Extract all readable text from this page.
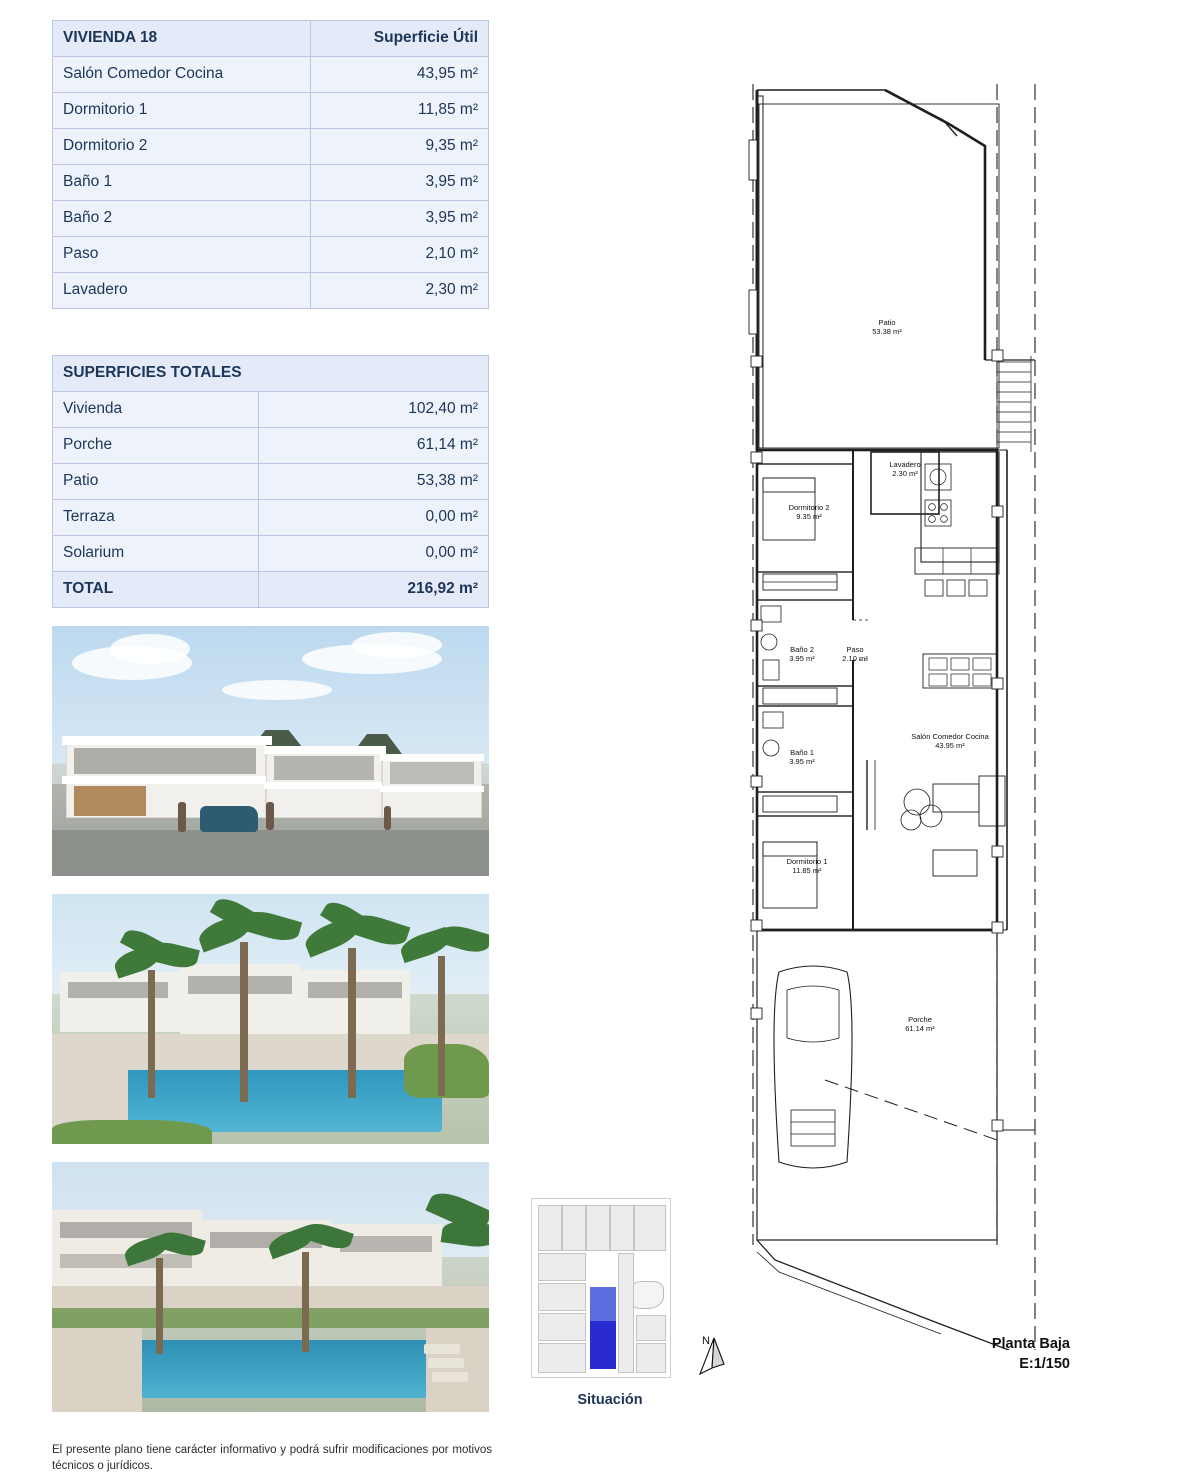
VIVIENDA 18	Superficie Útil
Salón Comedor Cocina	43,95 m²
Dormitorio 1	11,85 m²
Dormitorio 2	9,35 m²
Baño 1	3,95 m²
Baño 2	3,95 m²
Paso	2,10 m²
Lavadero	2,30 m²
SUPERFICIES TOTALES	
Vivienda	102,40 m²
Porche	61,14 m²
Patio	53,38 m²
Terraza	0,00 m²
Solarium	0,00 m²
TOTAL	216,92 m²
El presente plano tiene carácter informativo y podrá sufrir modificaciones por motivos técnicos o jurídicos.
Situación
N
Patio
53.38 m²
Lavadero
2.30 m²
Dormitorio 2
9.35 m²
Baño 2
3.95 m²
Paso
2.10 m²
Baño 1
3.95 m²
Dormitorio 1
11.85 m²
Salón Comedor Cocina
43.95 m²
Porche
61.14 m²
Planta Baja
E:1/150
